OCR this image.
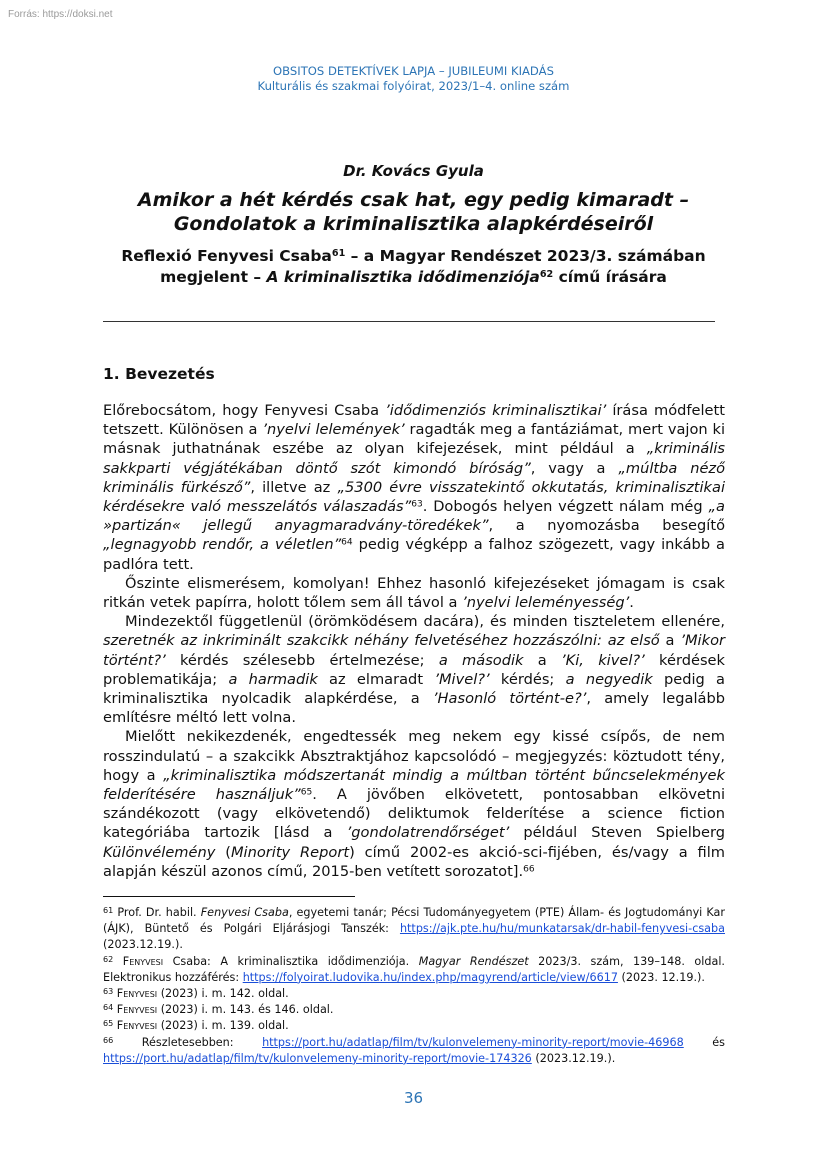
Forrás: https://doksi.net
OBSITOS DETEKTÍVEK LAPJA – JUBILEUMI KIADÁS
Kulturális és szakmai folyóirat, 2023/1–4. online szám
Dr. Kovács Gyula
Amikor a hét kérdés csak hat, egy pedig kimaradt –
Gondolatok a kriminalisztika alapkérdéseiről
Reflexió Fenyvesi Csaba$^{61}$ – a Magyar Rendészet 2023/3. számában
megjelent – A kriminalisztika idődimenziója$^{62}$ című írására
1. Bevezetés

Előrebocsátom, hogy Fenyvesi Csaba ’idődimenziós kriminalisztikai’ írása módfelett tetszett. Különösen a ’nyelvi lelemények’ ragadták meg a fantáziámat, mert vajon ki másnak juthatnának eszébe az olyan kifejezések, mint például a „kriminális sakkparti végjátékában döntő szót kimondó bíróság”, vagy a „múltba néző kriminális fürkésző”, illetve az „5300 évre visszatekintő okkutatás, kriminalisztikai kérdésekre való messzelátós válaszadás”$^{63}$. Dobogós helyen végzett nálam még „a »partizán« jellegű anyagmaradvány-töredékek”, a nyomozásba besegítő „legnagyobb rendőr, a véletlen”$^{64}$ pedig végképp a falhoz szögezett, vagy inkább a padlóra tett.

Őszinte elismerésem, komolyan! Ehhez hasonló kifejezéseket jómagam is csak ritkán vetek papírra, holott tőlem sem áll távol a ’nyelvi leleményesség’.

Mindezektől függetlenül (örömködésem dacára), és minden tiszteletem ellenére, szeretnék az inkriminált szakcikk néhány felvetéséhez hozzászólni: az első a ’Mikor történt?’ kérdés szélesebb értelmezése; a második a ’Ki, kivel?’ kérdések problematikája; a harmadik az elmaradt ’Mivel?’ kérdés; a negyedik pedig a kriminalisztika nyolcadik alapkérdése, a ’Hasonló történt-e?’, amely legalább említésre méltó lett volna.

Mielőtt nekikezdenék, engedtessék meg nekem egy kissé csípős, de nem rosszindulatú – a szakcikk Absztraktjához kapcsolódó – megjegyzés: köztudott tény, hogy a „kriminalisztika módszertanát mindig a múltban történt bűncselekmények felderítésére használjuk”$^{65}$. A jövőben elkövetett, pontosabban elkövetni szándékozott (vagy elkövetendő) deliktumok felderítése a science fiction kategóriába tartozik [lásd a ’gondolatrendőrséget’ például Steven Spielberg Különvélemény (Minority Report) című 2002-es akció-sci-fijében, és/vagy a film alapján készül azonos című, 2015-ben vetített sorozatot].$^{66}$

$^{61}$ Prof. Dr. habil. Fenyvesi Csaba, egyetemi tanár; Pécsi Tudományegyetem (PTE) Állam- és Jogtudományi Kar (ÁJK), Büntető és Polgári Eljárásjogi Tanszék: https://ajk.pte.hu/hu/munkatarsak/dr-habil-fenyvesi-csaba (2023.12.19.).
$^{62}$ Fenyvesi Csaba: A kriminalisztika idődimenziója. Magyar Rendészet 2023/3. szám, 139–148. oldal. Elektronikus hozzáférés: https://folyoirat.ludovika.hu/index.php/magyrend/article/view/6617 (2023. 12.19.).
$^{63}$ Fenyvesi (2023) i. m. 142. oldal.
$^{64}$ Fenyvesi (2023) i. m. 143. és 146. oldal.
$^{65}$ Fenyvesi (2023) i. m. 139. oldal.
$^{66}$ Részletesebben: https://port.hu/adatlap/film/tv/kulonvelemeny-minority-report/movie-46968 és https://port.hu/adatlap/film/tv/kulonvelemeny-minority-report/movie-174326 (2023.12.19.).
36
